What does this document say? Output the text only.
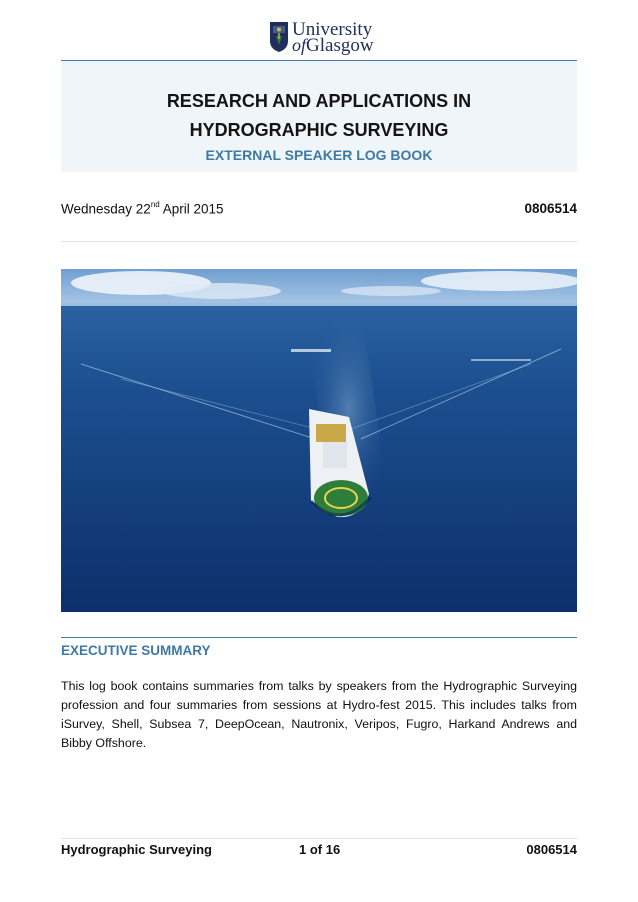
University
ofGlasgow
RESEARCH AND APPLICATIONS IN
HYDROGRAPHIC SURVEYING
EXTERNAL SPEAKER LOG BOOK
Wednesday 22nd April 2015	0806514
EXECUTIVE SUMMARY
This log book contains summaries from talks by speakers from the Hydrographic Surveying profession and four summaries from sessions at Hydro-fest 2015. This includes talks from iSurvey, Shell, Subsea 7, DeepOcean, Nautronix, Veripos, Fugro, Harkand Andrews and Bibby Offshore.
Hydrographic Surveying	1 of 16	0806514
